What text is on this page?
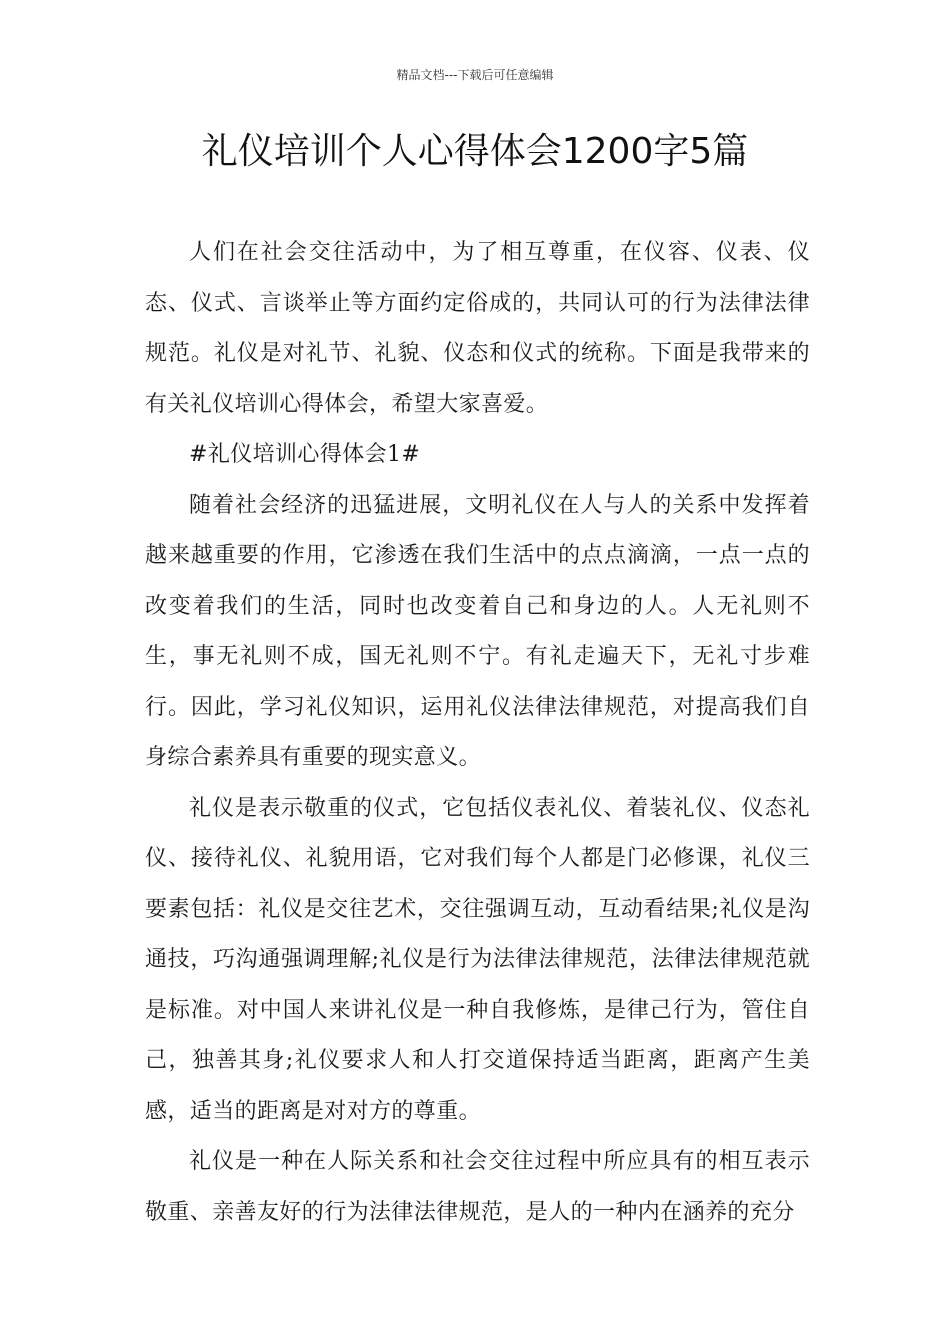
精品文档---下载后可任意编辑
礼仪培训个人心得体会1200字5篇

人们在社会交往活动中，为了相互尊重，在仪容、仪表、仪态、仪式、言谈举止等方面约定俗成的，共同认可的行为法律法律规范。礼仪是对礼节、礼貌、仪态和仪式的统称。下面是我带来的有关礼仪培训心得体会，希望大家喜爱。

#礼仪培训心得体会1#

随着社会经济的迅猛进展，文明礼仪在人与人的关系中发挥着越来越重要的作用，它渗透在我们生活中的点点滴滴，一点一点的改变着我们的生活，同时也改变着自己和身边的人。人无礼则不生，事无礼则不成，国无礼则不宁。有礼走遍天下，无礼寸步难行。因此，学习礼仪知识，运用礼仪法律法律规范，对提高我们自身综合素养具有重要的现实意义。

礼仪是表示敬重的仪式，它包括仪表礼仪、着装礼仪、仪态礼仪、接待礼仪、礼貌用语，它对我们每个人都是门必修课，礼仪三要素包括：礼仪是交往艺术，交往强调互动，互动看结果;礼仪是沟通技，巧沟通强调理解;礼仪是行为法律法律规范，法律法律规范就是标准。对中国人来讲礼仪是一种自我修炼，是律己行为，管住自己，独善其身;礼仪要求人和人打交道保持适当距离，距离产生美感，适当的距离是对对方的尊重。

礼仪是一种在人际关系和社会交往过程中所应具有的相互表示敬重、亲善友好的行为法律法律规范，是人的一种内在涵养的充分
